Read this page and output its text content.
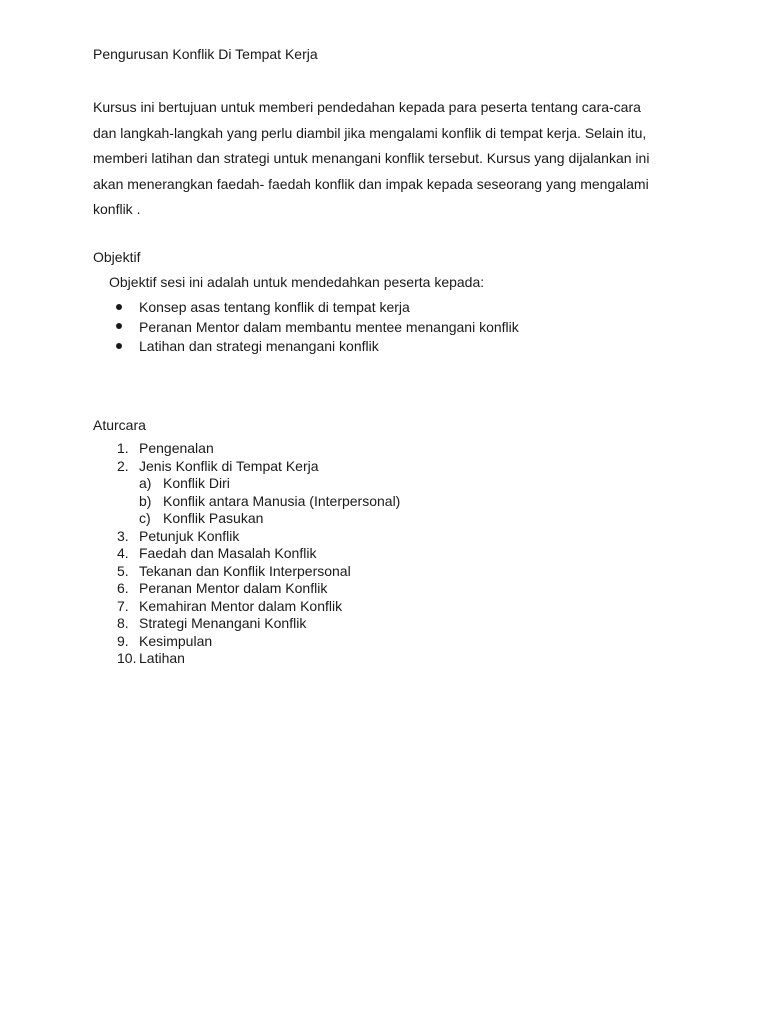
Pengurusan Konflik Di Tempat Kerja

Kursus ini bertujuan untuk memberi pendedahan kepada para peserta tentang cara-cara
dan langkah-langkah yang perlu diambil jika mengalami konflik di tempat kerja. Selain itu,
memberi latihan dan strategi untuk menangani konflik tersebut. Kursus yang dijalankan ini
akan menerangkan faedah- faedah konflik dan impak kepada seseorang yang mengalami
konflik .

Objektif

Objektif sesi ini adalah untuk mendedahkan peserta kepada:

Konsep asas tentang konflik di tempat kerja
Peranan Mentor dalam membantu mentee menangani konflik
Latihan dan strategi menangani konflik
Aturcara
1. Pengenalan
2. Jenis Konflik di Tempat Kerja
a) Konflik Diri
b) Konflik antara Manusia (Interpersonal)
c) Konflik Pasukan
3. Petunjuk Konflik
4. Faedah dan Masalah Konflik
5. Tekanan dan Konflik Interpersonal
6. Peranan Mentor dalam Konflik
7. Kemahiran Mentor dalam Konflik
8. Strategi Menangani Konflik
9. Kesimpulan
10. Latihan
